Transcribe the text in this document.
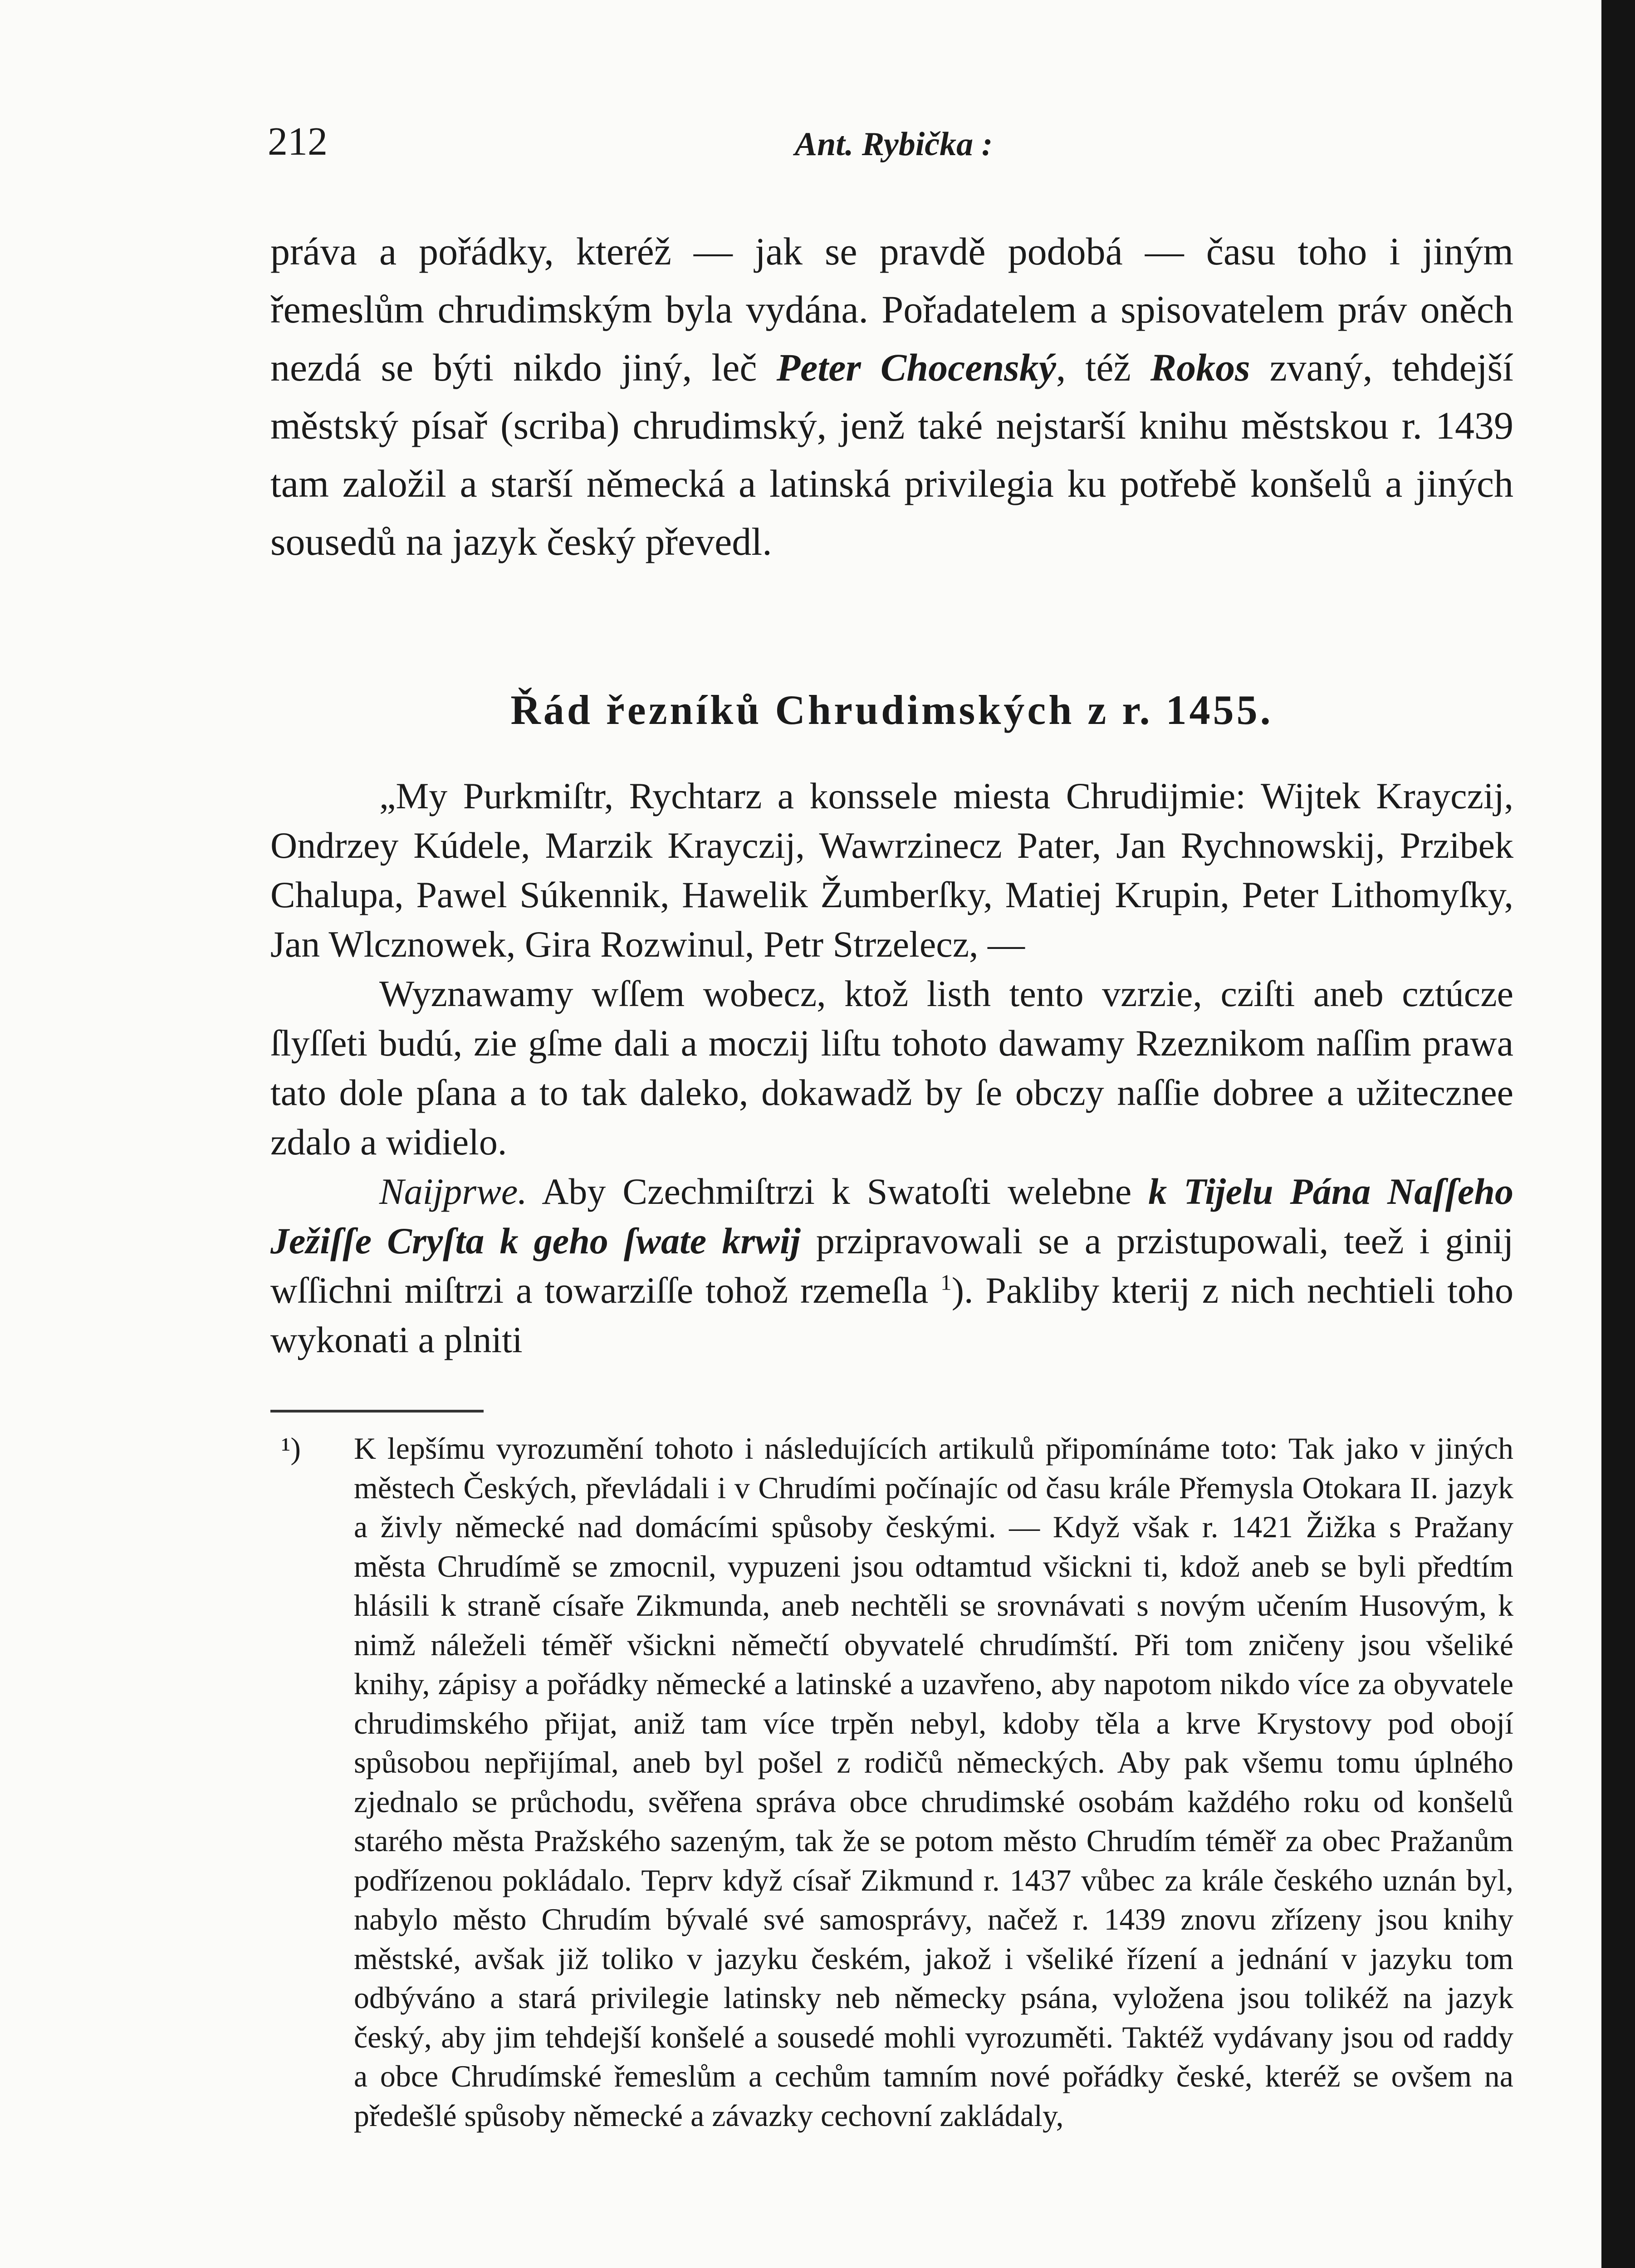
212	Ant. Rybička :

práva a pořádky, kteréž — jak se pravdě podobá — času toho i jiným řemeslům chrudimským byla vydána. Pořadatelem a spisovatelem práv oněch nezdá se býti nikdo jiný, leč Peter Chocenský, též Rokos zvaný, tehdejší městský písař (scriba) chrudimský, jenž také nejstarší knihu městskou r. 1439 tam založil a starší německá a latinská privilegia ku potřebě konšelů a jiných sousedů na jazyk český převedl.

Řád řezníků Chrudimských z r. 1455.

„My Purkmiſtr, Rychtarz a konssele miesta Chrudijmie: Wijtek Krayczij, Ondrzey Kúdele, Marzik Krayczij, Wawrzinecz Pater, Jan Rychnowskij, Przibek Chalupa, Pawel Súkennik, Hawelik Žumberſky, Matiej Krupin, Peter Lithomyſky, Jan Wlcznowek, Gira Rozwinul, Petr Strzelecz, —

Wyznawamy wſſem wobecz, ktož listh tento vzrzie, cziſti aneb cztúcze ſlyſſeti budú, zie gſme dali a moczij liſtu tohoto dawamy Rzeznikom naſſim prawa tato dole pſana a to tak daleko, dokawadž by ſe obczy naſſie dobree a užitecznee zdalo a widielo.

Naijprwe. Aby Czechmiſtrzi k Swatoſti welebne k Tijelu Pána Naſſeho Ježiſſe Cryſta k geho ſwate krwij przipravowali se a przistupowali, teež i ginij wſſichni miſtrzi a towarziſſe tohož rzemeſla $^1$). Pakliby kterij z nich nechtieli toho wykonati a plniti

¹) K lepšímu vyrozumění tohoto i následujících artikulů připomínáme toto: Tak jako v jiných městech Českých, převládali i v Chrudími počínajíc od času krále Přemysla Otokara II. jazyk a živly německé nad domácími spůsoby českými. — Když však r. 1421 Žižka s Pražany města Chrudímě se zmocnil, vypuzeni jsou odtamtud všickni ti, kdož aneb se byli předtím hlásili k straně císaře Zikmunda, aneb nechtěli se srovnávati s novým učením Husovým, k nimž náleželi téměř všickni němečtí obyvatelé chrudímští. Při tom zničeny jsou všeliké knihy, zápisy a pořádky německé a latinské a uzavřeno, aby napotom nikdo více za obyvatele chrudimského přijat, aniž tam více trpěn nebyl, kdoby těla a krve Krystovy pod obojí spůsobou nepřijímal, aneb byl pošel z rodičů německých. Aby pak všemu tomu úplného zjednalo se průchodu, svěřena správa obce chrudimské osobám každého roku od konšelů starého města Pražského sazeným, tak že se potom město Chrudím téměř za obec Pražanům podřízenou pokládalo. Teprv když císař Zikmund r. 1437 vůbec za krále českého uznán byl, nabylo město Chrudím bývalé své samosprávy, načež r. 1439 znovu zřízeny jsou knihy městské, avšak již toliko v jazyku českém, jakož i všeliké řízení a jednání v jazyku tom odbýváno a stará privilegie latinsky neb německy psána, vyložena jsou tolikéž na jazyk český, aby jim tehdejší konšelé a sousedé mohli vyrozuměti. Taktéž vydávany jsou od raddy a obce Chrudímské řemeslům a cechům tamním nové pořádky české, kteréž se ovšem na předešlé spůsoby německé a závazky cechovní zakládaly,
